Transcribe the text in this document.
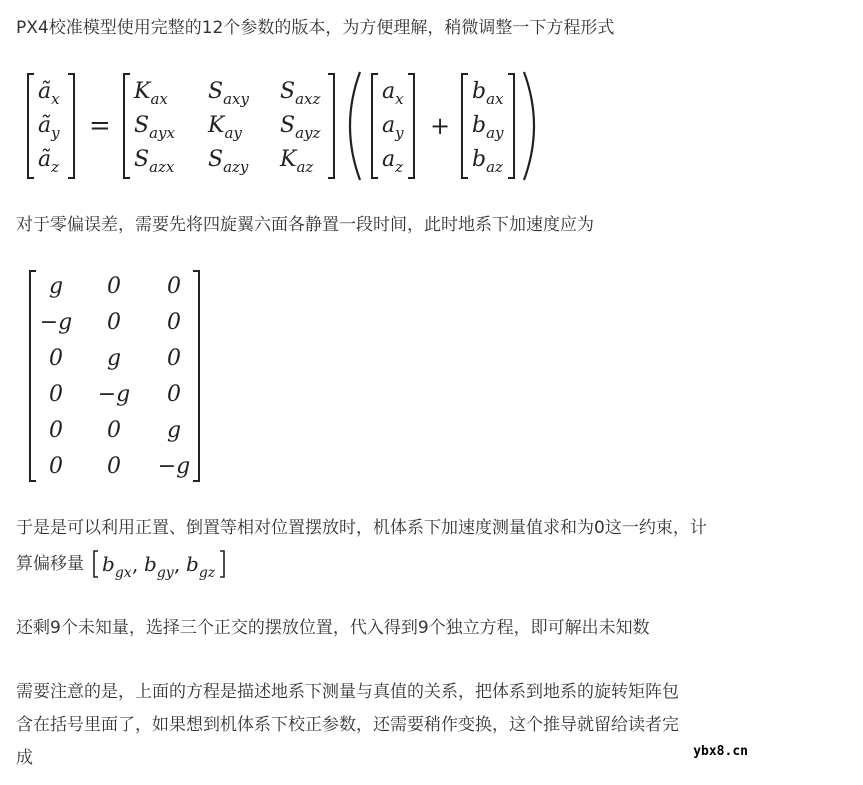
PX4校准模型使用完整的12个参数的版本，为方便理解，稍微调整一下方程形式

$ã_x$
$ã_y$
$ã_z$
=
$K_{ax}$ $S_{axy}$ $S_{axz}$
$S_{ayx}$ $K_{ay}$ $S_{ayz}$
$S_{azx}$ $S_{azy}$ $K_{az}$
$a_x$
$a_y$
$a_z$
+
$b_{ax}$
$b_{ay}$
$b_{az}$

对于零偏误差，需要先将四旋翼六面各静置一段时间，此时地系下加速度应为

g 0 0
−g 0 0
0 g 0
0 −g 0
0 0 g
0 0 −g

于是是可以利用正置、倒置等相对位置摆放时，机体系下加速度测量值求和为0这一约束，计

算偏移量 $b_{gx}$ , $b_{gy}$ , $b_{gz}$

还剩9个未知量，选择三个正交的摆放位置，代入得到9个独立方程，即可解出未知数

需要注意的是，上面的方程是描述地系下测量与真值的关系，把体系到地系的旋转矩阵包

含在括号里面了，如果想到机体系下校正参数，还需要稍作变换，这个推导就留给读者完

成	ybx8.cn
